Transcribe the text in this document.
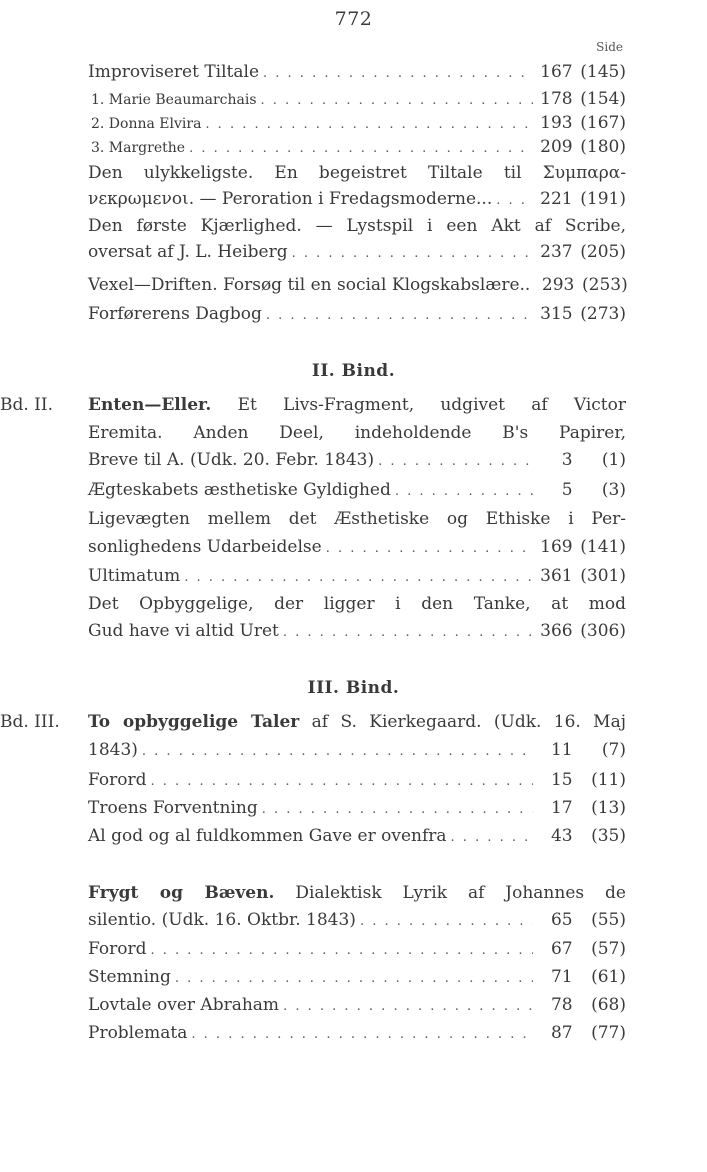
772
Side
Improviseret Tiltale . . .	167 (145)
1. Marie Beaumarchais . . .	178 (154)
2. Donna Elvira . . .	193 (167)
3. Margrethe . . .	209 (180)
Den ulykkeligste. En begeistret Tiltale til Συμπαρα-
νεκρωμενοι. — Peroration i Fredagsmoderne... . . .	221 (191)
Den første Kjærlighed. — Lystspil i een Akt af Scribe,
oversat af J. L. Heiberg . . .	237 (205)
Vexel—Driften. Forsøg til en social Klogskabslære.. 293 (253)
Forførerens Dagbog . . .	315 (273)
II. Bind.
Bd. II. Enten—Eller. Et Livs-Fragment, udgivet af Victor
Eremita. Anden Deel, indeholdende B's Papirer,
Breve til A. (Udk. 20. Febr. 1843) . . .	3 (1)
Ægteskabets æsthetiske Gyldighed . . .	5 (3)
Ligevægten mellem det Æsthetiske og Ethiske i Per-
sonlighedens Udarbeidelse . . .	169 (141)
Ultimatum . . .	361 (301)
Det Opbyggelige, der ligger i den Tanke, at mod
Gud have vi altid Uret . . .	366 (306)
III. Bind.
Bd. III. To opbyggelige Taler af S. Kierkegaard. (Udk. 16. Maj
1843) . . .	11 (7)
Forord . . .	15 (11)
Troens Forventning . . .	17 (13)
Al god og al fuldkommen Gave er ovenfra . . .	43 (35)
Frygt og Bæven. Dialektisk Lyrik af Johannes de
silentio. (Udk. 16. Oktbr. 1843) . . .	65 (55)
Forord . . .	67 (57)
Stemning . . .	71 (61)
Lovtale over Abraham . . .	78 (68)
Problemata . . .	87 (77)
